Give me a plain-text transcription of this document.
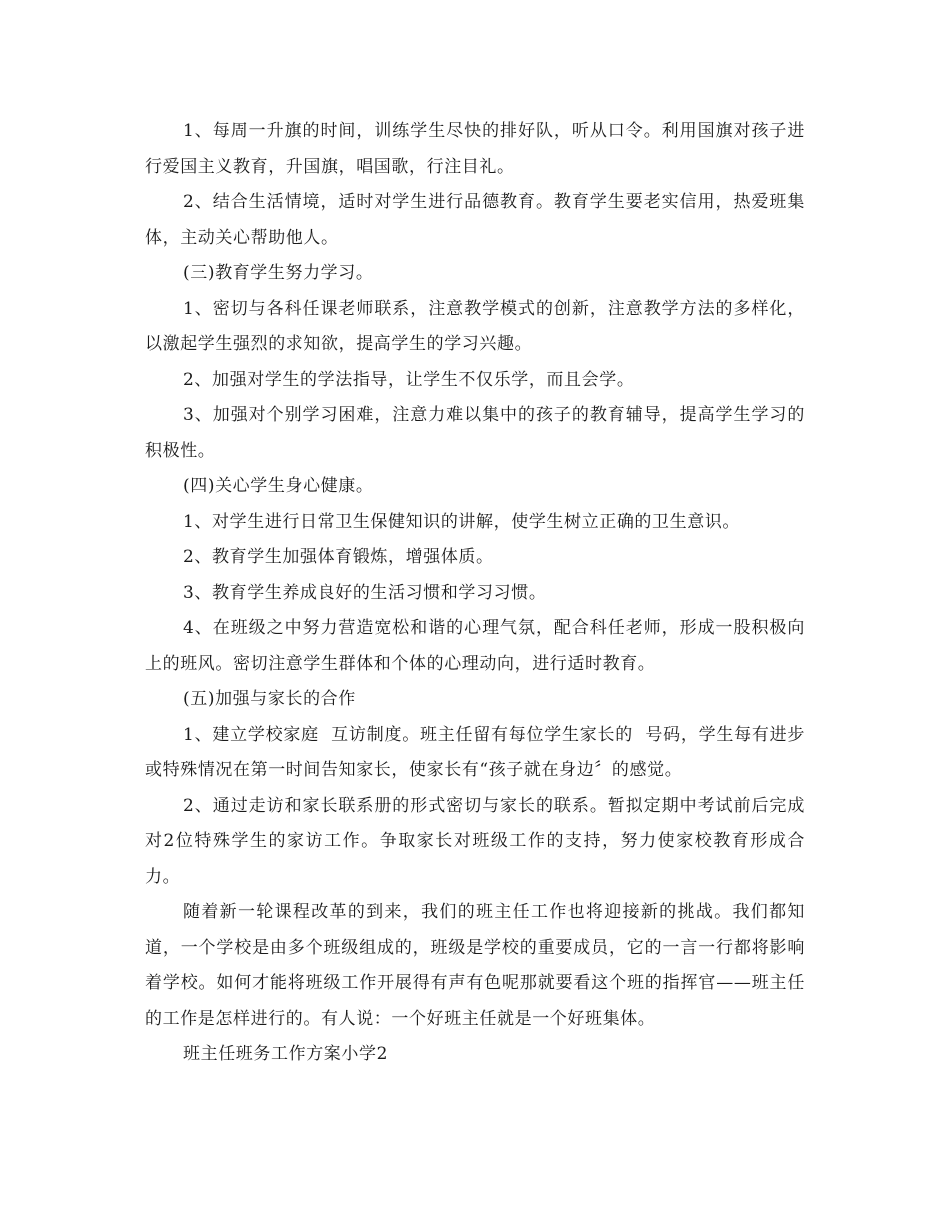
1、每周一升旗的时间，训练学生尽快的排好队，听从口令。利用国旗对孩子进行爱国主义教育，升国旗，唱国歌，行注目礼。

2、结合生活情境，适时对学生进行品德教育。教育学生要老实信用，热爱班集体，主动关心帮助他人。

(三)教育学生努力学习。

1、密切与各科任课老师联系，注意教学模式的创新，注意教学方法的多样化，以激起学生强烈的求知欲，提高学生的学习兴趣。

2、加强对学生的学法指导，让学生不仅乐学，而且会学。

3、加强对个别学习困难，注意力难以集中的孩子的教育辅导，提高学生学习的积极性。

(四)关心学生身心健康。

1、对学生进行日常卫生保健知识的讲解，使学生树立正确的卫生意识。

2、教育学生加强体育锻炼，增强体质。

3、教育学生养成良好的生活习惯和学习习惯。

4、在班级之中努力营造宽松和谐的心理气氛，配合科任老师，形成一股积极向上的班风。密切注意学生群体和个体的心理动向，进行适时教育。

(五)加强与家长的合作

1、建立学校家庭  互访制度。班主任留有每位学生家长的  号码，学生每有进步或特殊情况在第一时间告知家长，使家长有“孩子就在身边〞的感觉。

2、通过走访和家长联系册的形式密切与家长的联系。暂拟定期中考试前后完成对2位特殊学生的家访工作。争取家长对班级工作的支持，努力使家校教育形成合力。

随着新一轮课程改革的到来，我们的班主任工作也将迎接新的挑战。我们都知道，一个学校是由多个班级组成的，班级是学校的重要成员，它的一言一行都将影响着学校。如何才能将班级工作开展得有声有色呢那就要看这个班的指挥官——班主任的工作是怎样进行的。有人说：一个好班主任就是一个好班集体。

班主任班务工作方案小学2
